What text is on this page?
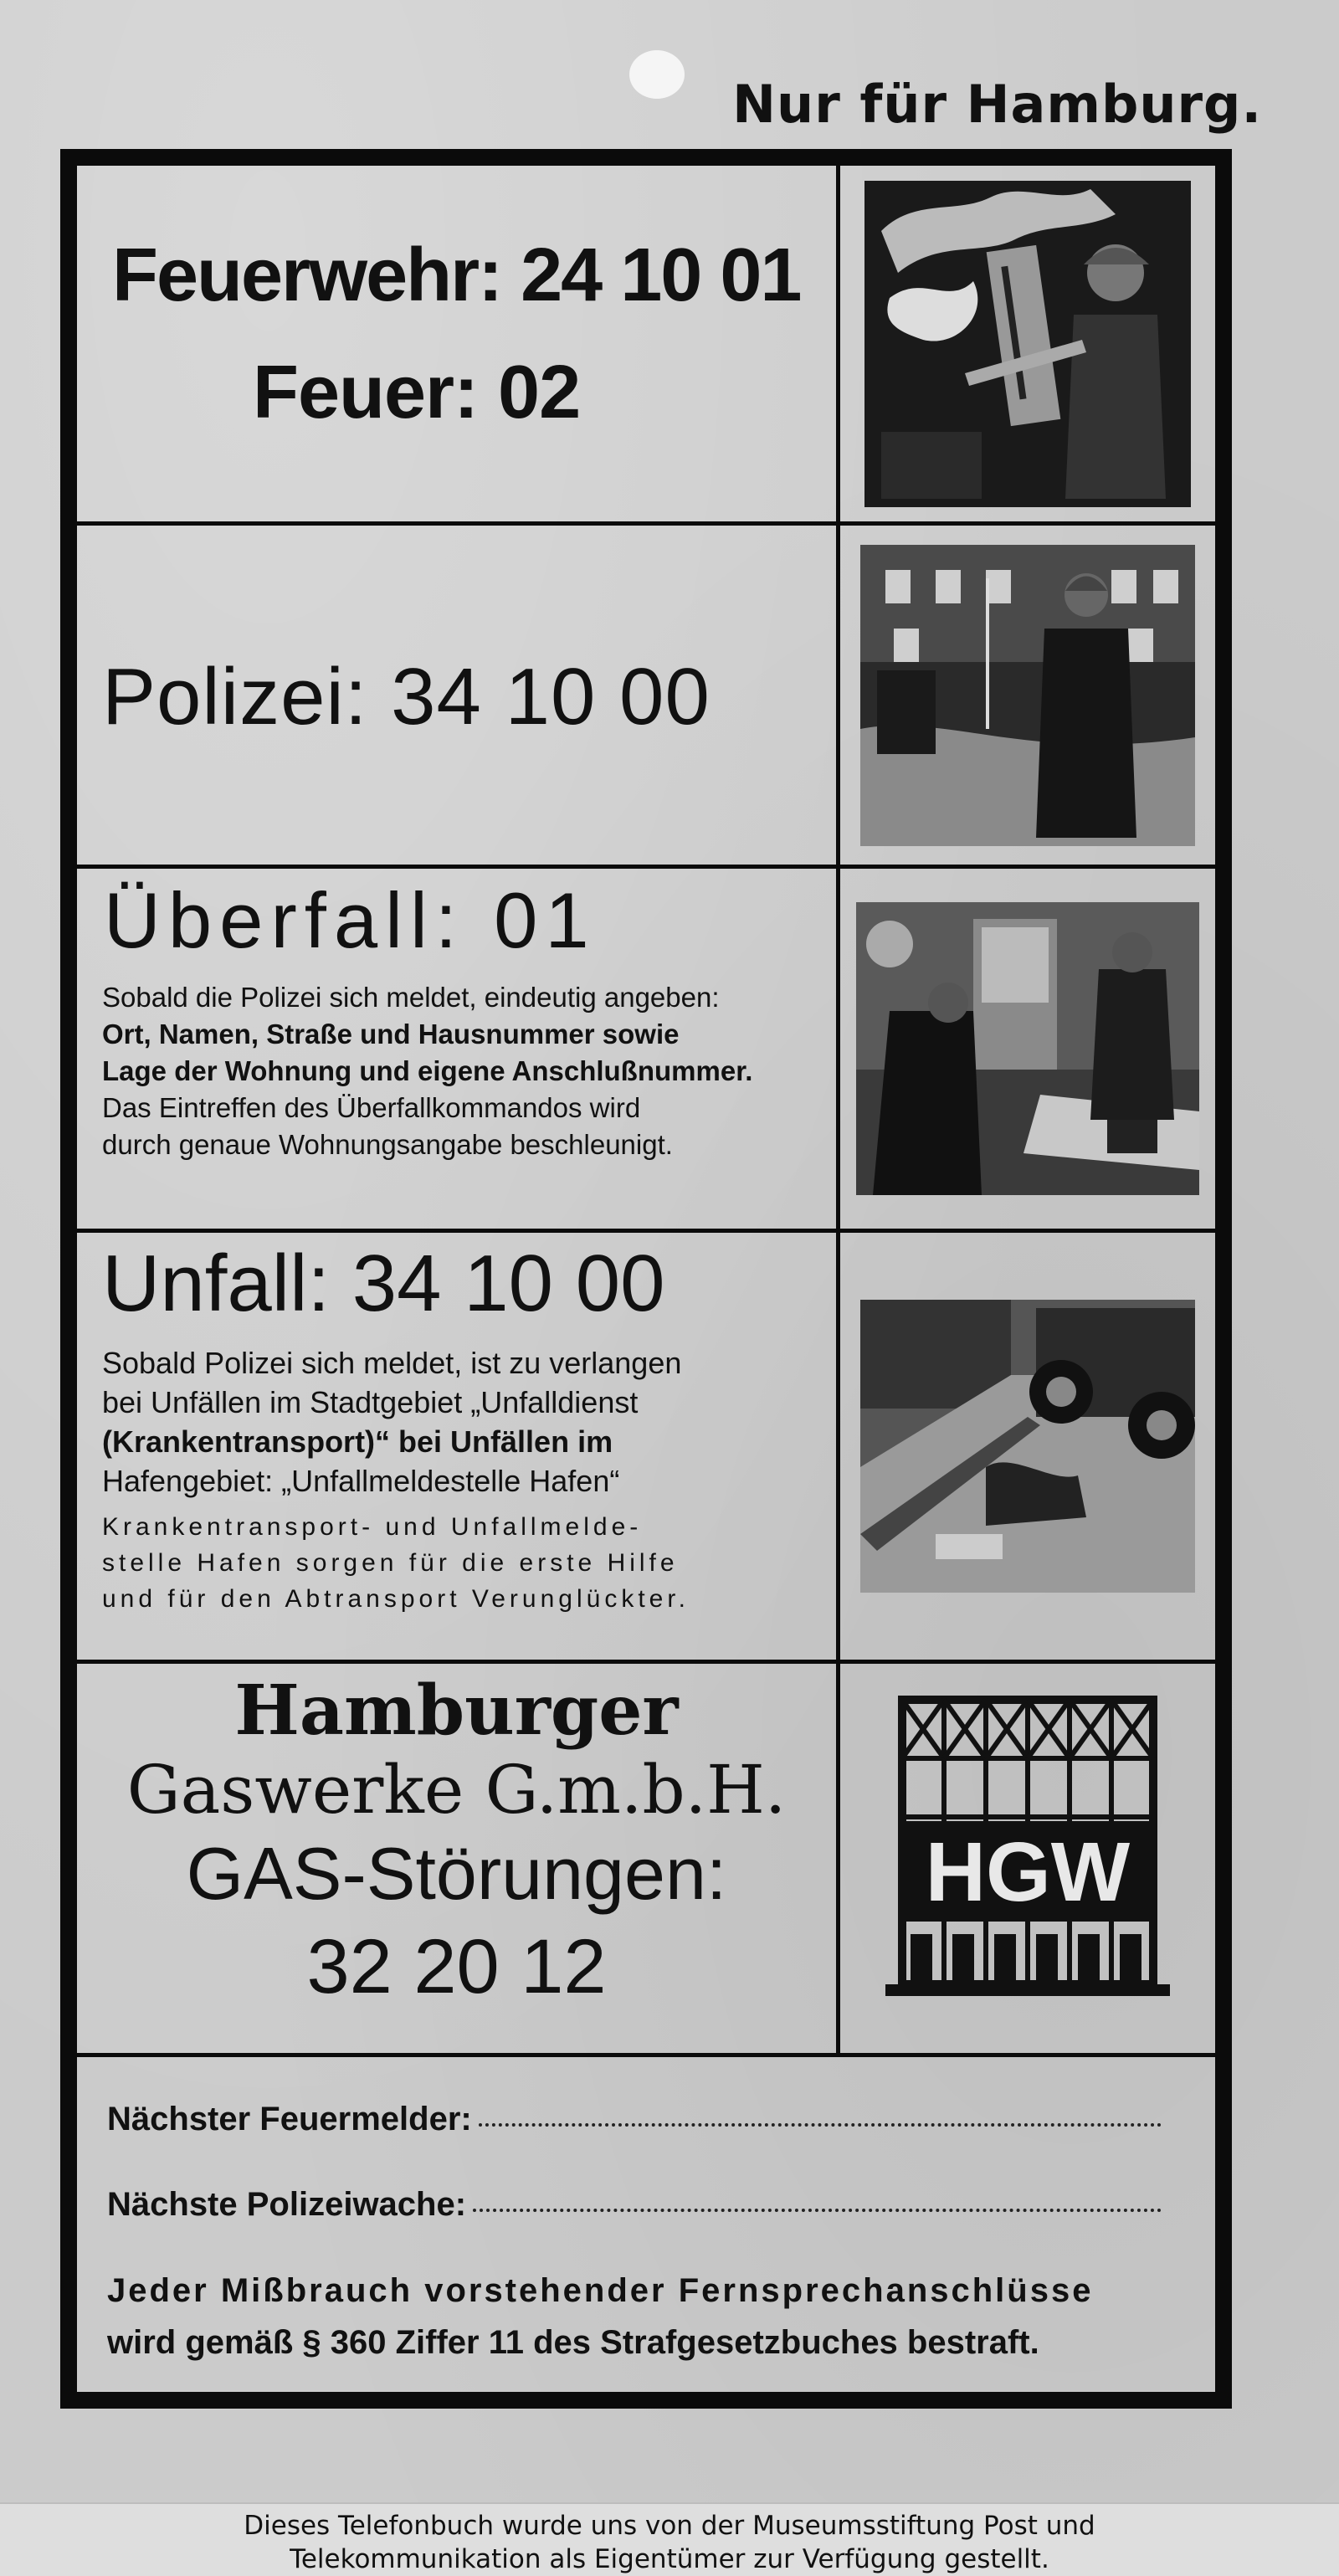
Nur für Hamburg.
Feuerwehr: 24 10 01
Feuer: 02
Polizei: 34 10 00
Überfall: 01
Sobald die Polizei sich meldet, eindeutig angeben:
Ort, Namen, Straße und Hausnummer sowie
Lage der Wohnung und eigene Anschlußnummer.
Das Eintreffen des Überfallkommandos wird
durch genaue Wohnungsangabe beschleunigt.
Unfall: 34 10 00
Sobald Polizei sich meldet, ist zu verlangen
bei Unfällen im Stadtgebiet „Unfalldienst
(Krankentransport)“ bei Unfällen im
Hafengebiet: „Unfallmeldestelle Hafen“
Krankentransport- und Unfallmelde-
stelle Hafen sorgen für die erste Hilfe
und für den Abtransport Verunglückter.
Hamburger
Gaswerke G.m.b.H.
GAS-Störungen:
32 20 12
HGW
Nächster Feuermelder:
Nächste Polizeiwache:
Jeder Mißbrauch vorstehender Fernsprechanschlüsse
wird gemäß § 360 Ziffer 11 des Strafgesetzbuches bestraft.
Dieses Telefonbuch wurde uns von der Museumsstiftung Post und
Telekommunikation als Eigentümer zur Verfügung gestellt.
